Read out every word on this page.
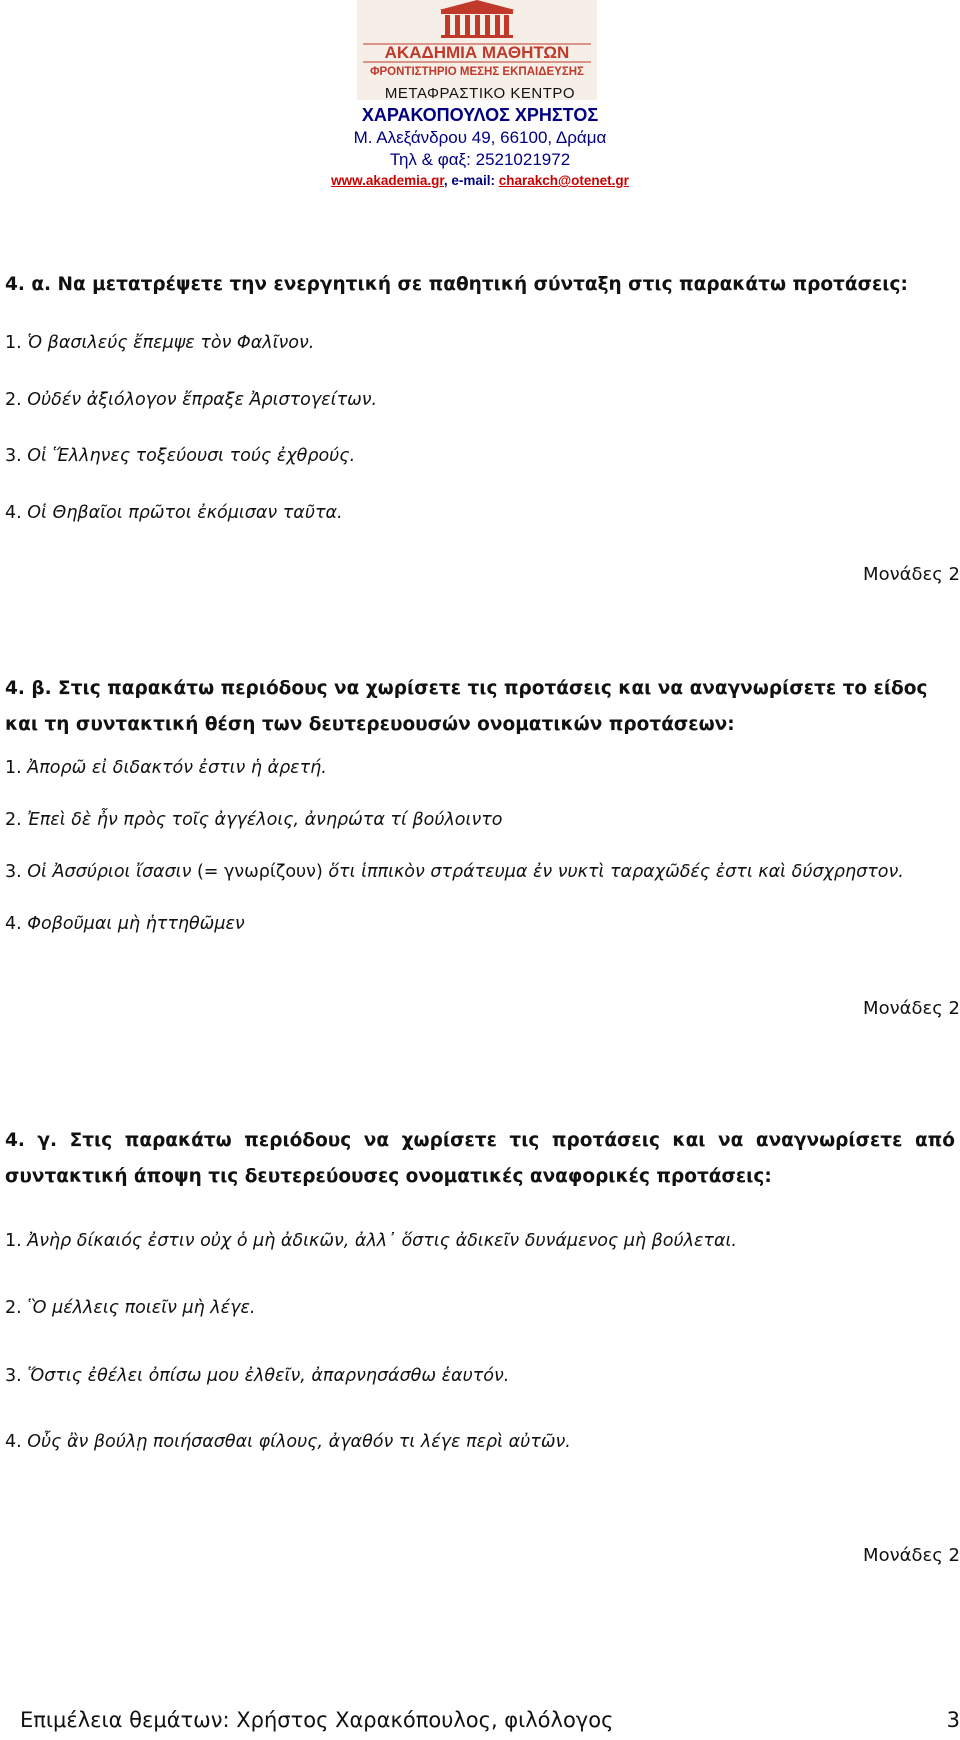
ΑΚΑΔΗΜΙΑ ΜΑΘΗΤΩΝ
ΦΡΟΝΤΙΣΤΗΡΙΟ ΜΕΣΗΣ ΕΚΠΑΙΔΕΥΣΗΣ
ΜΕΤΑΦΡΑΣΤΙΚΟ ΚΕΝΤΡΟ
ΧΑΡΑΚΟΠΟΥΛΟΣ ΧΡΗΣΤΟΣ
Μ. Αλεξάνδρου 49, 66100, Δράμα
Τηλ & φαξ: 2521021972
www.akademia.gr, e-mail: charakch@otenet.gr
4. α. Να μετατρέψετε την ενεργητική σε παθητική σύνταξη στις παρακάτω προτάσεις:
1. Ὁ βασιλεύς ἔπεμψε τὸν Φαλῖνον.
2. Οὐδέν ἀξιόλογον ἔπραξε Ἀριστογείτων.
3. Οἱ Ἕλληνες τοξεύουσι τούς ἐχθρούς.
4. Οἱ Θηβαῖοι πρῶτοι ἐκόμισαν ταῦτα.
Μονάδες 2
4. β. Στις παρακάτω περιόδους να χωρίσετε τις προτάσεις και να αναγνωρίσετε το είδος και τη συντακτική θέση των δευτερευουσών ονοματικών προτάσεων:
1. Ἀπορῶ εἰ διδακτόν ἐστιν ἡ ἀρετή.
2. Ἐπεὶ δὲ ἦν πρὸς τοῖς ἀγγέλοις, ἀνηρώτα τί βούλοιντο
3. Οἱ Ἀσσύριοι ἴσασιν (= γνωρίζουν) ὅτι ἱππικὸν στράτευμα ἐν νυκτὶ ταραχῶδές ἐστι καὶ δύσχρηστον.
4. Φοβοῦμαι μὴ ἡττηθῶμεν
Μονάδες 2
4. γ. Στις παρακάτω περιόδους να χωρίσετε τις προτάσεις και να αναγνωρίσετε από συντακτική άποψη τις δευτερεύουσες ονοματικές αναφορικές προτάσεις:
1. Ἀνὴρ δίκαιός ἐστιν οὐχ ὁ μὴ ἀδικῶν, ἀλλ᾽ ὅστις ἀδικεῖν δυνάμενος μὴ βούλεται.
2. Ὃ μέλλεις ποιεῖν μὴ λέγε.
3. Ὅστις ἐθέλει ὀπίσω μου ἐλθεῖν, ἀπαρνησάσθω ἑαυτόν.
4. Οὗς ἂν βούλῃ ποιήσασθαι φίλους, ἀγαθόν τι λέγε περὶ αὐτῶν.
Μονάδες 2
Επιμέλεια θεμάτων: Χρήστος Χαρακόπουλος, φιλόλογος	3
